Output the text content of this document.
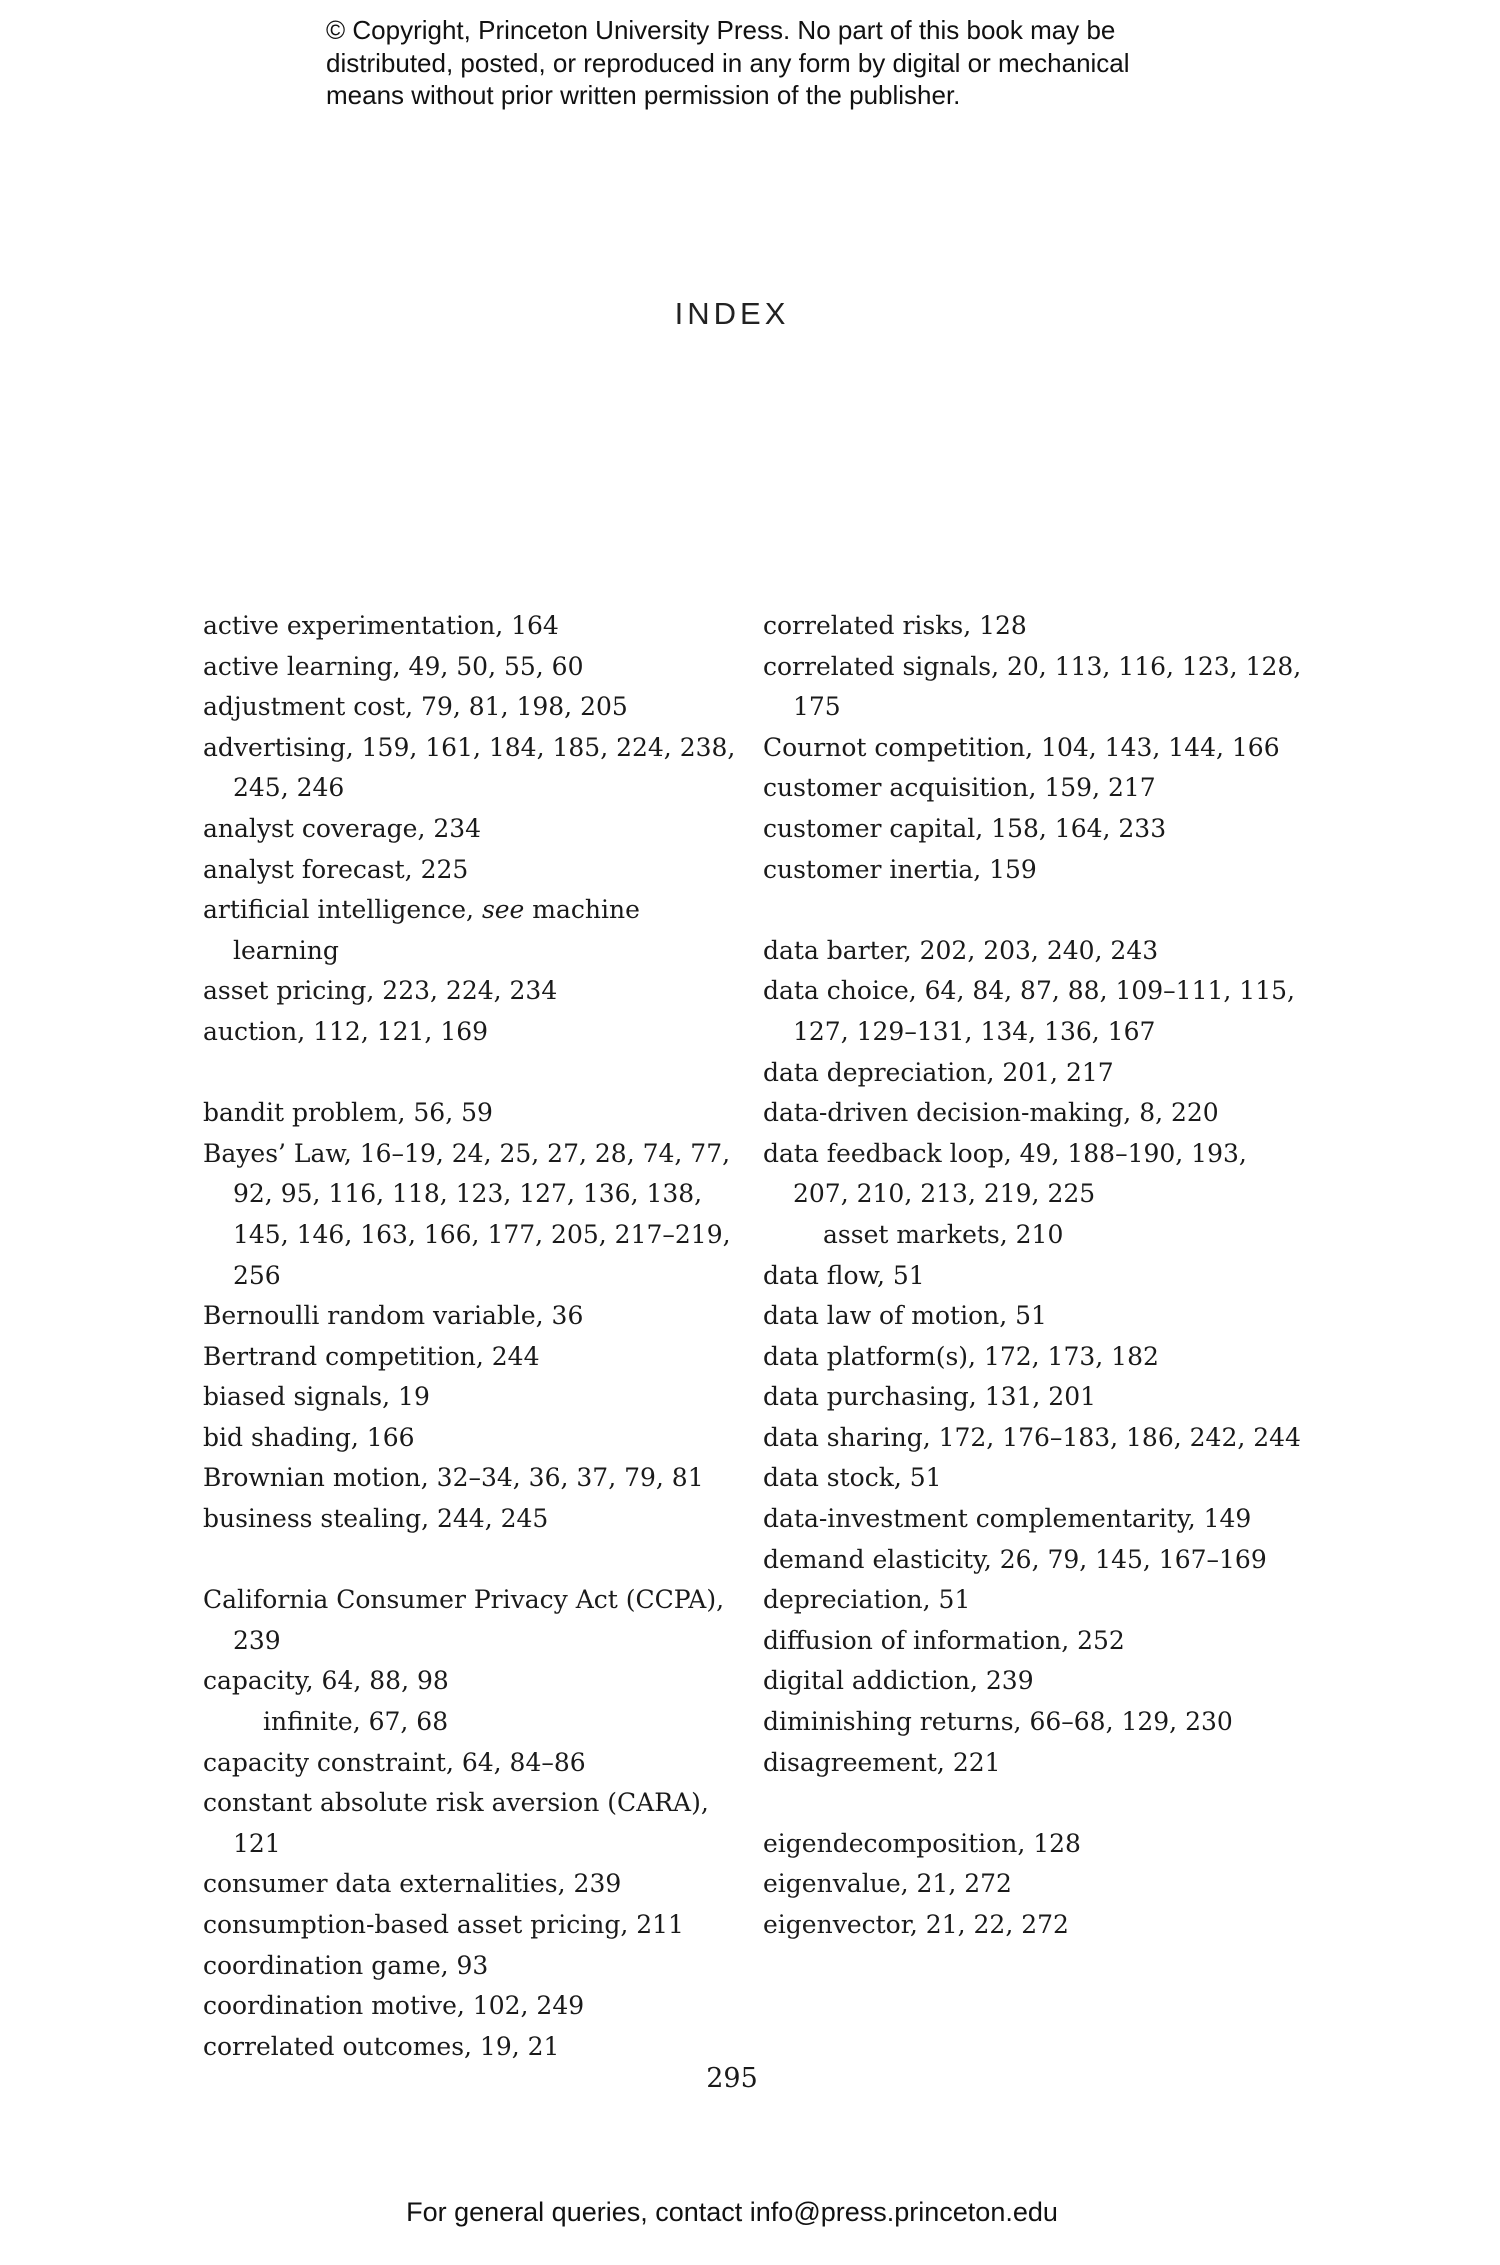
© Copyright, Princeton University Press. No part of this book may be
distributed, posted, or reproduced in any form by digital or mechanical
means without prior written permission of the publisher.
INDEX
active experimentation, 164
active learning, 49, 50, 55, 60
adjustment cost, 79, 81, 198, 205
advertising, 159, 161, 184, 185, 224, 238, 245, 246
analyst coverage, 234
analyst forecast, 225
artificial intelligence, see machine learning
asset pricing, 223, 224, 234
auction, 112, 121, 169
bandit problem, 56, 59
Bayes’ Law, 16–19, 24, 25, 27, 28, 74, 77, 92, 95, 116, 118, 123, 127, 136, 138, 145, 146, 163, 166, 177, 205, 217–219, 256
Bernoulli random variable, 36
Bertrand competition, 244
biased signals, 19
bid shading, 166
Brownian motion, 32–34, 36, 37, 79, 81
business stealing, 244, 245
California Consumer Privacy Act (CCPA), 239
capacity, 64, 88, 98
infinite, 67, 68
capacity constraint, 64, 84–86
constant absolute risk aversion (CARA), 121
consumer data externalities, 239
consumption-based asset pricing, 211
coordination game, 93
coordination motive, 102, 249
correlated outcomes, 19, 21
correlated risks, 128
correlated signals, 20, 113, 116, 123, 128, 175
Cournot competition, 104, 143, 144, 166
customer acquisition, 159, 217
customer capital, 158, 164, 233
customer inertia, 159
data barter, 202, 203, 240, 243
data choice, 64, 84, 87, 88, 109–111, 115, 127, 129–131, 134, 136, 167
data depreciation, 201, 217
data-driven decision-making, 8, 220
data feedback loop, 49, 188–190, 193, 207, 210, 213, 219, 225
asset markets, 210
data flow, 51
data law of motion, 51
data platform(s), 172, 173, 182
data purchasing, 131, 201
data sharing, 172, 176–183, 186, 242, 244
data stock, 51
data-investment complementarity, 149
demand elasticity, 26, 79, 145, 167–169
depreciation, 51
diffusion of information, 252
digital addiction, 239
diminishing returns, 66–68, 129, 230
disagreement, 221
eigendecomposition, 128
eigenvalue, 21, 272
eigenvector, 21, 22, 272
295
For general queries, contact info@press.princeton.edu
